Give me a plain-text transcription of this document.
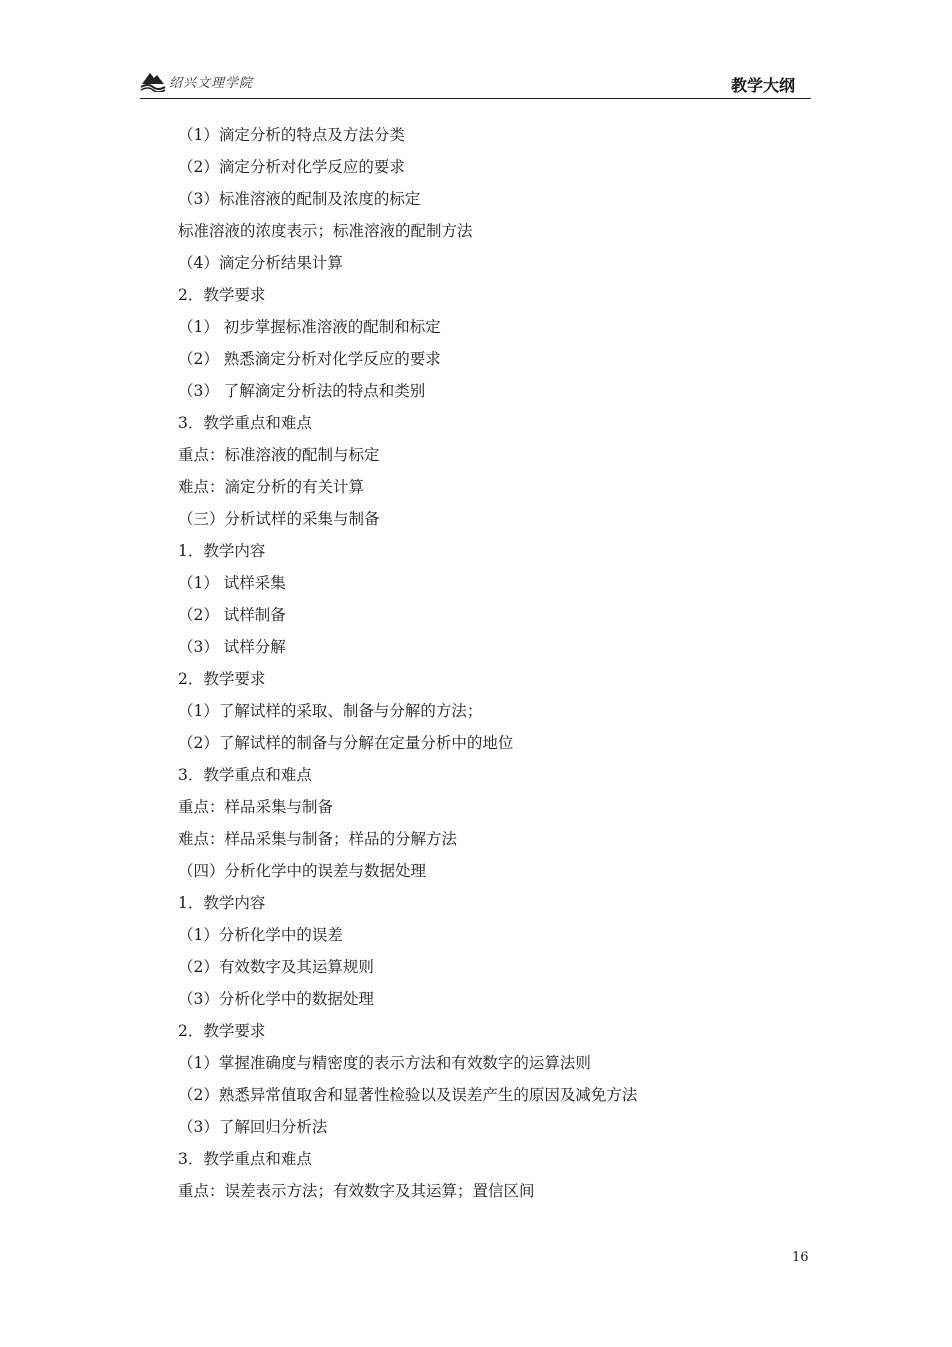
绍兴文理学院	教学大纲
（1）滴定分析的特点及方法分类
（2）滴定分析对化学反应的要求
（3）标准溶液的配制及浓度的标定
标准溶液的浓度表示；标准溶液的配制方法
（4）滴定分析结果计算
2．教学要求
（1） 初步掌握标准溶液的配制和标定
（2） 熟悉滴定分析对化学反应的要求
（3） 了解滴定分析法的特点和类别
3．教学重点和难点
重点：标准溶液的配制与标定
难点：滴定分析的有关计算
（三）分析试样的采集与制备
1．教学内容
（1） 试样采集
（2） 试样制备
（3） 试样分解
2．教学要求
（1）了解试样的采取、制备与分解的方法；
（2）了解试样的制备与分解在定量分析中的地位
3．教学重点和难点
重点：样品采集与制备
难点：样品采集与制备；样品的分解方法
（四）分析化学中的误差与数据处理
1．教学内容
（1）分析化学中的误差
（2）有效数字及其运算规则
（3）分析化学中的数据处理
2．教学要求
（1）掌握准确度与精密度的表示方法和有效数字的运算法则
（2）熟悉异常值取舍和显著性检验以及误差产生的原因及减免方法
（3）了解回归分析法
3．教学重点和难点
重点：误差表示方法；有效数字及其运算；置信区间
16
